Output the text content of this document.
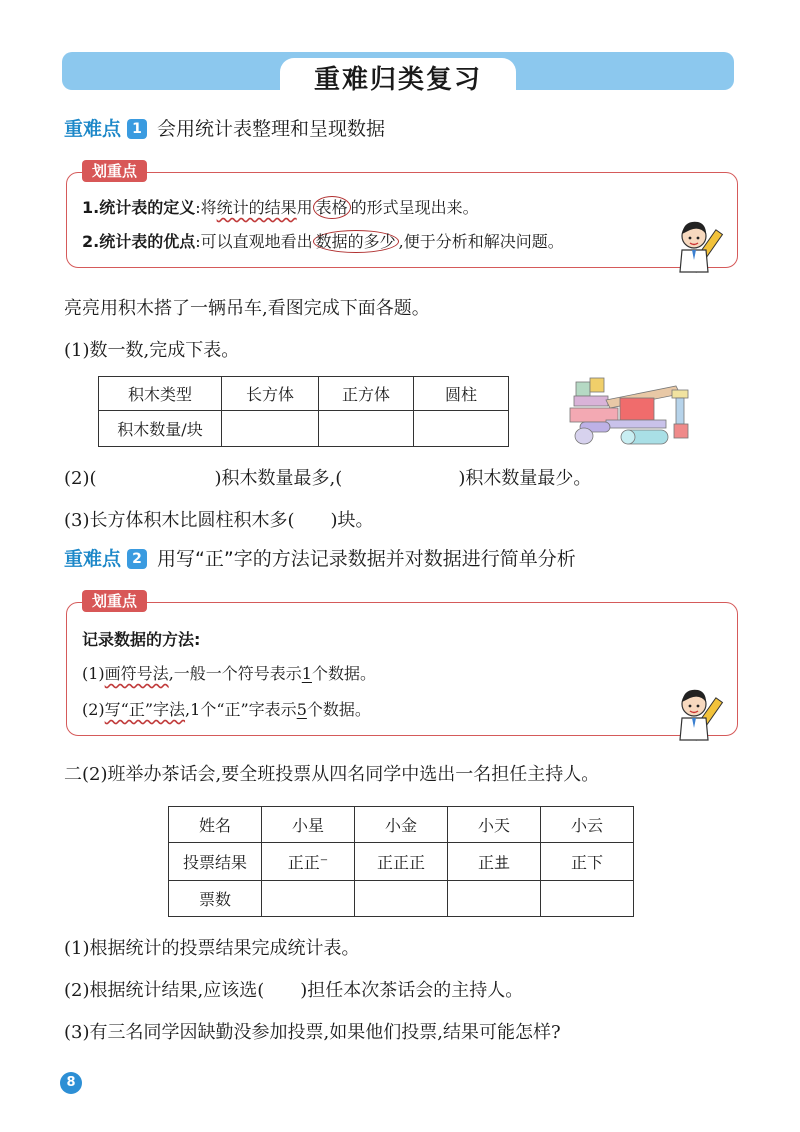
重难归类复习
重难点 1 会用统计表整理和呈现数据
划重点
1.统计表的定义:将统计的结果用 表格 的形式呈现出来。
2.统计表的优点:可以直观地看出 数据的多少 ,便于分析和解决问题。
亮亮用积木搭了一辆吊车,看图完成下面各题。
(1)数一数,完成下表。
积木类型	长方体	正方体	圆柱
积木数量/块			
(2)(	)积木数量最多,(	)积木数量最少。
(3)长方体积木比圆柱积木多(　　)块。
重难点 2 用写“正”字的方法记录数据并对数据进行简单分析
划重点
记录数据的方法:
(1)画符号法,一般一个符号表示1个数据。
(2)写“正”字法,1个“正”字表示5个数据。
二(2)班举办茶话会,要全班投票从四名同学中选出一名担任主持人。
姓名	小星	小金	小天	小云
投票结果	正正⁻	正正正	正𠀎	正下
票数				
(1)根据统计的投票结果完成统计表。
(2)根据统计结果,应该选(　　)担任本次茶话会的主持人。
(3)有三名同学因缺勤没参加投票,如果他们投票,结果可能怎样?
8
